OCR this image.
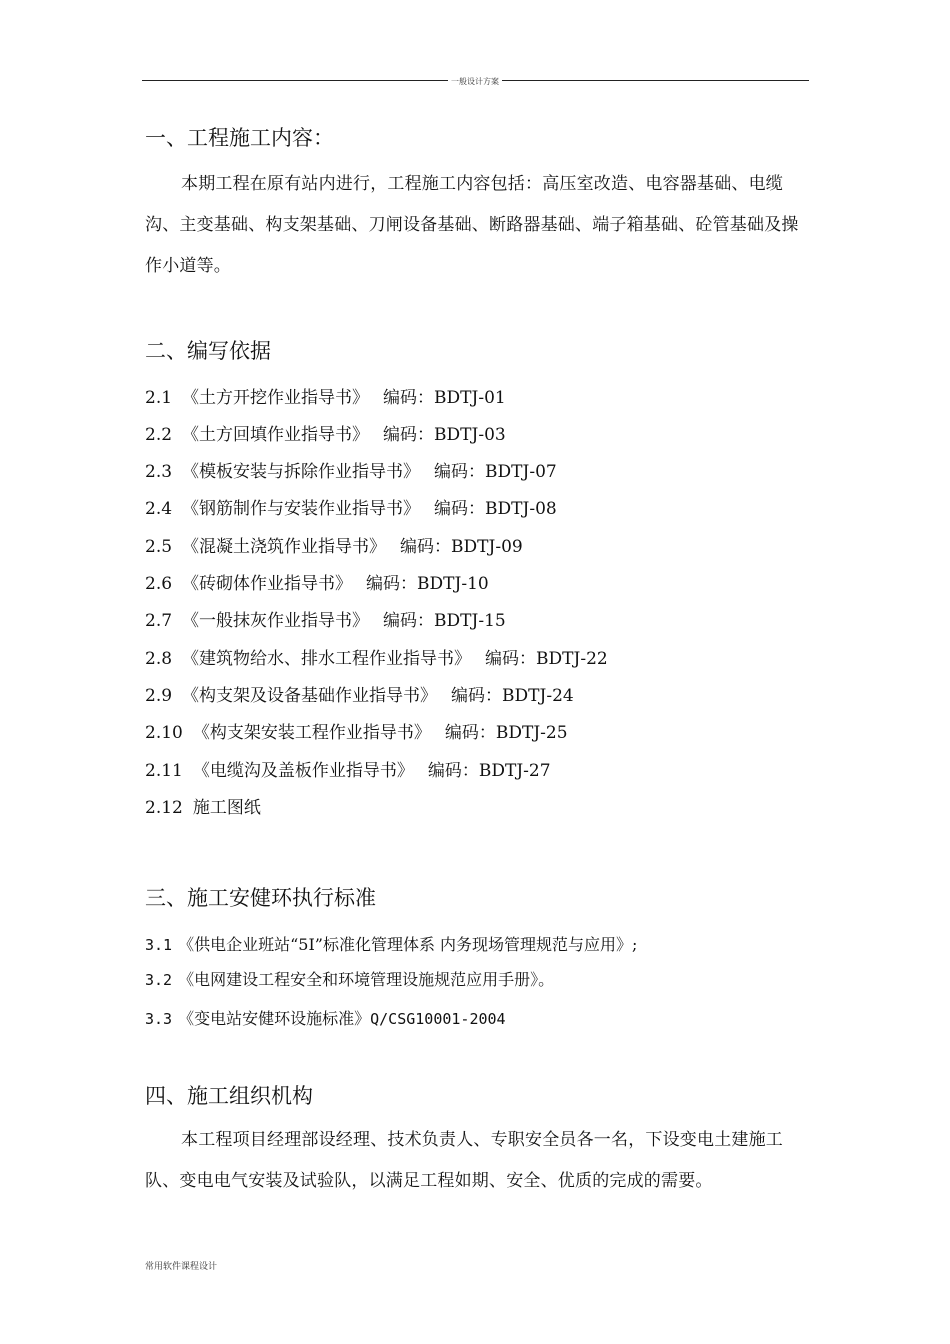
一般设计方案
一、工程施工内容：

本期工程在原有站内进行，工程施工内容包括：高压室改造、电容器基础、电缆沟、主变基础、构支架基础、刀闸设备基础、断路器基础、端子箱基础、砼管基础及操作小道等。

二、编写依据

2.1 《土方开挖作业指导书》 编码：BDTJ-01

2.2 《土方回填作业指导书》 编码：BDTJ-03

2.3 《模板安装与拆除作业指导书》 编码：BDTJ-07

2.4 《钢筋制作与安装作业指导书》 编码：BDTJ-08

2.5 《混凝土浇筑作业指导书》 编码：BDTJ-09

2.6 《砖砌体作业指导书》 编码：BDTJ-10

2.7 《一般抹灰作业指导书》 编码：BDTJ-15

2.8 《建筑物给水、排水工程作业指导书》 编码：BDTJ-22

2.9 《构支架及设备基础作业指导书》 编码：BDTJ-24

2.10 《构支架安装工程作业指导书》 编码：BDTJ-25

2.11 《电缆沟及盖板作业指导书》 编码：BDTJ-27

2.12 施工图纸

三、施工安健环执行标准

3.1 《供电企业班站“5I”标准化管理体系 内务现场管理规范与应用》;

3.2 《电网建设工程安全和环境管理设施规范应用手册》。

3.3 《变电站安健环设施标准》Q/CSG10001-2004

四、施工组织机构

本工程项目经理部设经理、技术负责人、专职安全员各一名，下设变电土建施工队、变电电气安装及试验队，以满足工程如期、安全、优质的完成的需要。

常用软件课程设计
